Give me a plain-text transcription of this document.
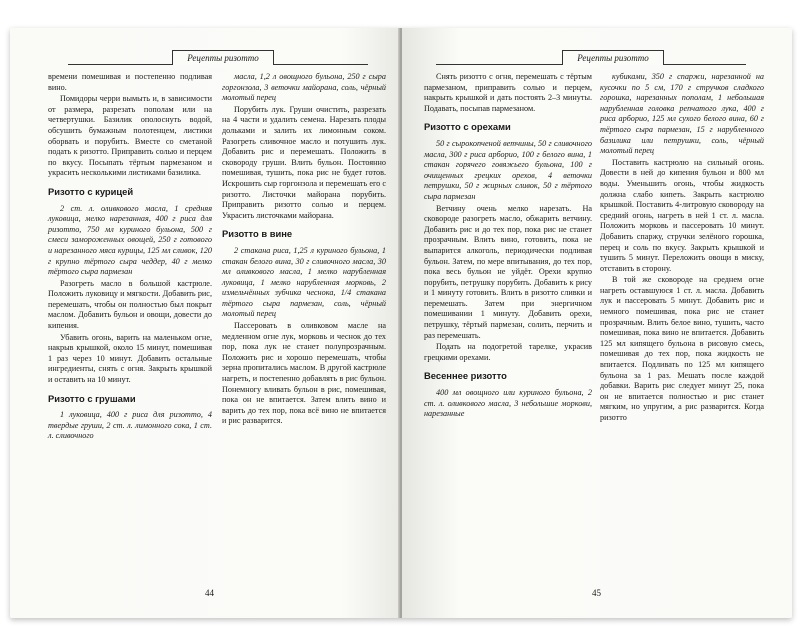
Рецепты ризотто

времени помешивая и постепенно подливая вино.

Помидоры черри вымыть и, в зависимости от размера, разрезать пополам или на четвертушки. Базилик ополоснуть водой, обсушить бумажным полотенцем, листики оборвать и порубить. Вместе со сметаной подать к ризотто. Приправить солью и перцем по вкусу. Посыпать тёртым пармезаном и украсить несколькими листиками базилика.

Ризотто с курицей

2 ст. л. оливкового масла, 1 средняя луковица, мелко нарезанная, 400 г риса для ризотто, 750 мл куриного бульона, 500 г смеси замороженных овощей, 250 г готового и нарезанного мяса курицы, 125 мл сливок, 120 г крупно тёртого сыра чеддер, 40 г мелко тёртого сыра пармезан

Разогреть масло в большой кастрюле. Положить луковицу и мягкости. Добавить рис, перемешать, чтобы он полностью был покрыт маслом. Добавить бульон и овощи, довести до кипения.

Убавить огонь, варить на маленьком огне, накрыв крышкой, около 15 минут, помешивая 1 раз через 10 минут. Добавить остальные ингредиенты, снять с огня. Закрыть крышкой и оставить на 10 минут.

Ризотто с грушами

1 луковица, 400 г риса для ризотто, 4 твердые груши, 2 ст. л. лимонного сока, 1 ст. л. сливочного

масла, 1,2 л овощного бульона, 250 г сыра горгонзола, 3 веточки майорана, соль, чёрный молотый перец

Порубить лук. Груши очистить, разрезать на 4 части и удалить семена. Нарезать плоды дольками и залить их лимонным соком. Разогреть сливочное масло и потушить лук. Добавить рис и перемешать. Положить в сковороду груши. Влить бульон. Постоянно помешивая, тушить, пока рис не будет готов. Искрошить сыр горгонзола и перемешать его с ризотто. Листочки майорана порубить. Приправить ризотто солью и перцем. Украсить листочками майорана.

Ризотто в вине

2 стакана риса, 1,25 л куриного бульона, 1 стакан белого вина, 30 г сливочного масла, 30 мл оливкового масла, 1 мелко нарубленная луковица, 1 мелко нарубленная морковь, 2 измельчённых зубчика чеснока, 1/4 стакана тёртого сыра пармезан, соль, чёрный молотый перец

Пассеровать в оливковом масле на медленном огне лук, морковь и чеснок до тех пор, пока лук не станет полупрозрачным. Положить рис и хорошо перемешать, чтобы зерна пропитались маслом. В другой кастрюле нагреть, и постепенно добавлять в рис бульон. Понемногу вливать бульон в рис, помешивая, пока он не впитается. Затем влить вино и варить до тех пор, пока всё вино не впитается и рис разварится.

44
Рецепты ризотто

Снять ризотто с огня, перемешать с тёртым пармезаном, приправить солью и перцем, накрыть крышкой и дать постоять 2–3 минуты. Подавать, посыпав пармезаном.

Ризотто с орехами

50 г сырокопченой ветчины, 50 г сливочного масла, 300 г риса арборио, 100 г белого вина, 1 стакан горячего говяжьего бульона, 100 г очищенных грецких орехов, 4 веточки петрушки, 50 г жирных сливок, 50 г тёртого сыра пармезан

Ветчину очень мелко нарезать. На сковороде разогреть масло, обжарить ветчину. Добавить рис и до тех пор, пока рис не станет прозрачным. Влить вино, готовить, пока не выпарится алкоголь, периодически подливая бульон. Затем, по мере впитывания, до тех пор, пока весь бульон не уйдёт. Орехи крупно порубить, петрушку порубить. Добавить к рису и 1 минуту готовить. Влить в ризотто сливки и перемешать. Затем при энергичном помешивании 1 минуту. Добавить орехи, петрушку, тёртый пармезан, солить, перчить и раз перемешать.

Подать на подогретой тарелке, украсив грецкими орехами.

Весеннее ризотто

400 мл овощного или куриного бульона, 2 ст. л. оливкового масла, 3 небольшие моркови, нарезанные

кубиками, 350 г спаржи, нарезанной на кусочки по 5 см, 170 г стручков сладкого горошка, нарезанных пополам, 1 небольшая нарубленная головка репчатого лука, 400 г риса арборио, 125 мл сухого белого вина, 60 г тёртого сыра пармезан, 15 г нарубленного базилика или петрушки, соль, чёрный молотый перец

Поставить кастрюлю на сильный огонь. Довести в ней до кипения бульон и 800 мл воды. Уменьшить огонь, чтобы жидкость должна слабо кипеть. Закрыть кастрюлю крышкой. Поставить 4-литровую сковороду на средний огонь, нагреть в ней 1 ст. л. масла. Положить морковь и пассеровать 10 минут. Добавить спаржу, стручки зелёного горошка, перец и соль по вкусу. Закрыть крышкой и тушить 5 минут. Переложить овощи в миску, отставить в сторону.

В той же сковороде на среднем огне нагреть оставшуюся 1 ст. л. масла. Добавить лук и пассеровать 5 минут. Добавить рис и немного помешивая, пока рис не станет прозрачным. Влить белое вино, тушить, часто помешивая, пока вино не впитается. Добавить 125 мл кипящего бульона в рисовую смесь, помешивая до тех пор, пока жидкость не впитается. Подливать по 125 мл кипящего бульона за 1 раз. Мешать после каждой добавки. Варить рис следует минут 25, пока он не впитается полностью и рис станет мягким, но упругим, а рис разварится. Когда ризотто

45
